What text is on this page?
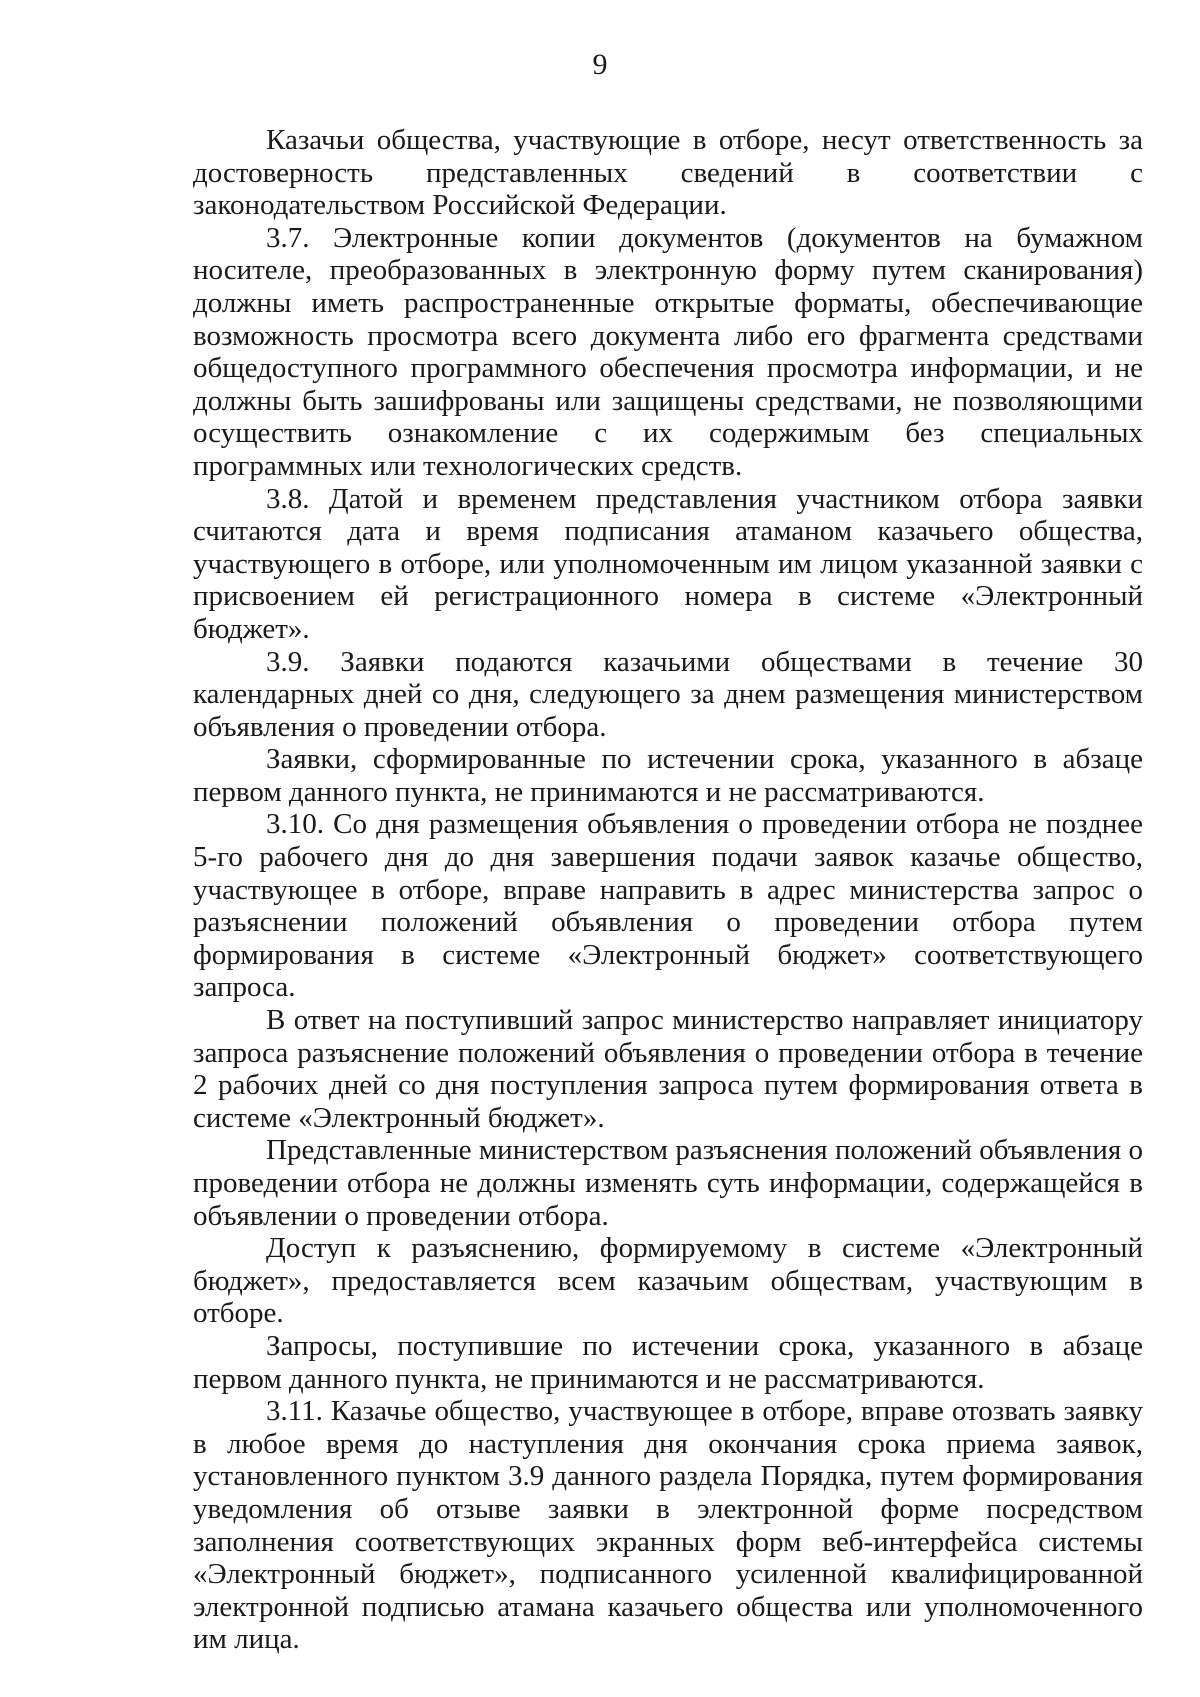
9

Казачьи общества, участвующие в отборе, несут ответственность за достоверность представленных сведений в соответствии с законодательством Российской Федерации.

3.7. Электронные копии документов (документов на бумажном носителе, преобразованных в электронную форму путем сканирования) должны иметь распространенные открытые форматы, обеспечивающие возможность просмотра всего документа либо его фрагмента средствами общедоступного программного обеспечения просмотра информации, и не должны быть зашифрованы или защищены средствами, не позволяющими осуществить ознакомление с их содержимым без специальных программных или технологических средств.

3.8. Датой и временем представления участником отбора заявки считаются дата и время подписания атаманом казачьего общества, участвующего в отборе, или уполномоченным им лицом указанной заявки с присвоением ей регистрационного номера в системе «Электронный бюджет».

3.9. Заявки подаются казачьими обществами в течение 30 календарных дней со дня, следующего за днем размещения министерством объявления о проведении отбора.

Заявки, сформированные по истечении срока, указанного в абзаце первом данного пункта, не принимаются и не рассматриваются.

3.10. Со дня размещения объявления о проведении отбора не позднее 5-го рабочего дня до дня завершения подачи заявок казачье общество, участвующее в отборе, вправе направить в адрес министерства запрос о разъяснении положений объявления о проведении отбора путем формирования в системе «Электронный бюджет» соответствующего запроса.

В ответ на поступивший запрос министерство направляет инициатору запроса разъяснение положений объявления о проведении отбора в течение 2 рабочих дней со дня поступления запроса путем формирования ответа в системе «Электронный бюджет».

Представленные министерством разъяснения положений объявления о проведении отбора не должны изменять суть информации, содержащейся в объявлении о проведении отбора.

Доступ к разъяснению, формируемому в системе «Электронный бюджет», предоставляется всем казачьим обществам, участвующим в отборе.

Запросы, поступившие по истечении срока, указанного в абзаце первом данного пункта, не принимаются и не рассматриваются.

3.11. Казачье общество, участвующее в отборе, вправе отозвать заявку в любое время до наступления дня окончания срока приема заявок, установленного пунктом 3.9 данного раздела Порядка, путем формирования уведомления об отзыве заявки в электронной форме посредством заполнения соответствующих экранных форм веб-интерфейса системы «Электронный бюджет», подписанного усиленной квалифицированной электронной подписью атамана казачьего общества или уполномоченного им лица.
